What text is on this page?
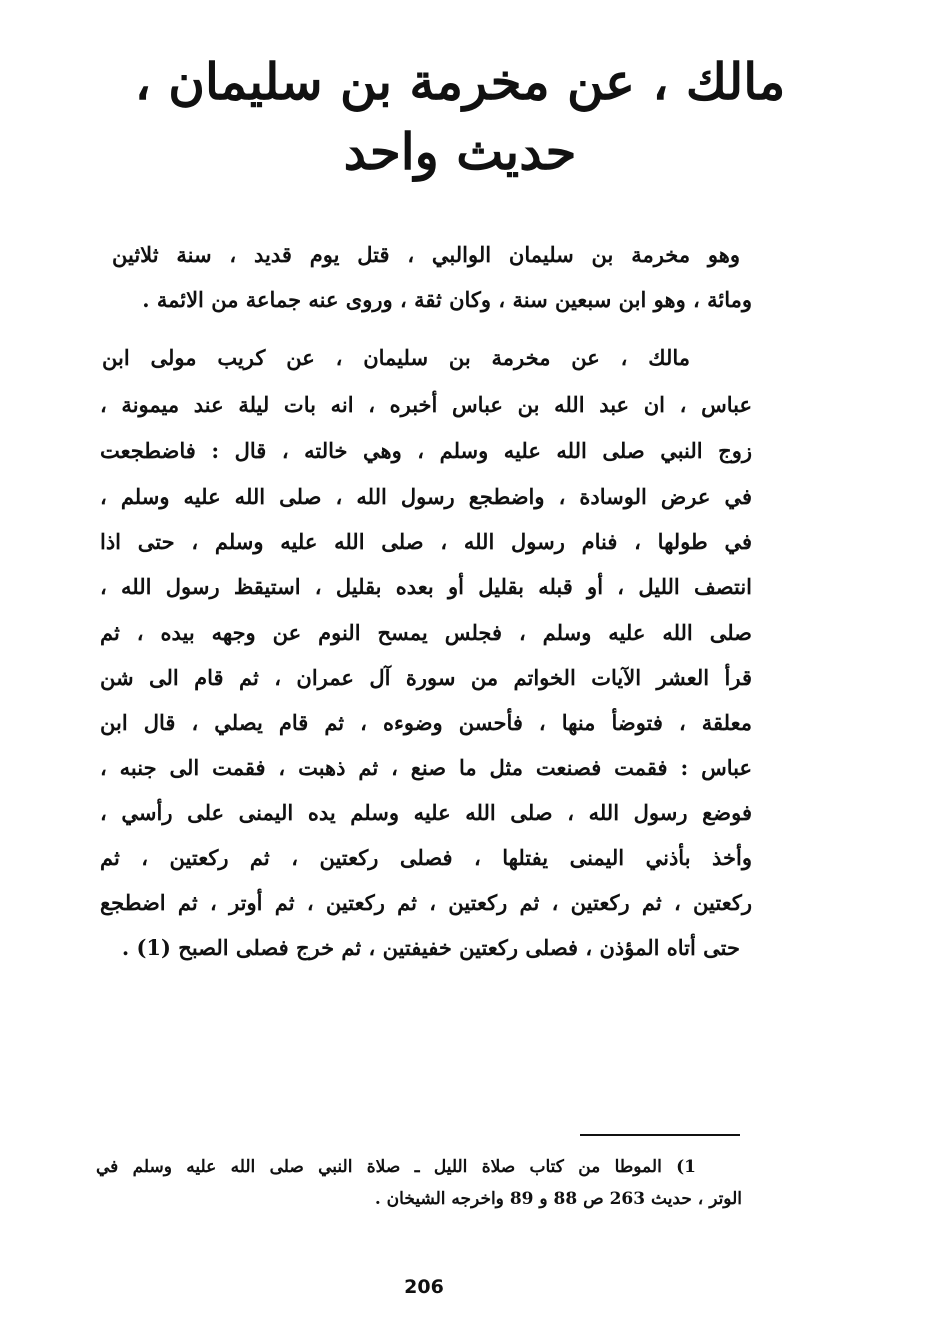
مالك ، عن مخرمة بن سليمان ،
حديث واحد
وهو مخرمة بن سليمان الوالبي ، قتل يوم قديد ، سنة ثلاثين
ومائة ، وهو ابن سبعين سنة ، وكان ثقة ، وروى عنه جماعة من الائمة .
مالك ، عن مخرمة بن سليمان ، عن كريب مولى ابن
عباس ، ان عبد الله بن عباس أخبره ، انه بات ليلة عند ميمونة ،
زوج النبي صلى الله عليه وسلم ، وهي خالته ، قال : فاضطجعت
في عرض الوسادة ، واضطجع رسول الله ، صلى الله عليه وسلم ،
في طولها ، فنام رسول الله ، صلى الله عليه وسلم ، حتى اذا
انتصف الليل ، أو قبله بقليل أو بعده بقليل ، استيقظ رسول الله ،
صلى الله عليه وسلم ، فجلس يمسح النوم عن وجهه بيده ، ثم
قرأ العشر الآيات الخواتم من سورة آل عمران ، ثم قام الى شن
معلقة ، فتوضأ منها ، فأحسن وضوءه ، ثم قام يصلي ، قال ابن
عباس : فقمت فصنعت مثل ما صنع ، ثم ذهبت ، فقمت الى جنبه ،
فوضع رسول الله ، صلى الله عليه وسلم يده اليمنى على رأسي ،
وأخذ بأذني اليمنى يفتلها ، فصلى ركعتين ، ثم ركعتين ، ثم
ركعتين ، ثم ركعتين ، ثم ركعتين ، ثم ركعتين ، ثم أوتر ، ثم اضطجع
حتى أتاه المؤذن ، فصلى ركعتين خفيفتين ، ثم خرج فصلى الصبح (1) .
1) الموطا من كتاب صلاة الليل ـ صلاة النبي صلى الله عليه وسلم في
الوتر ، حديث 263 ص 88 و 89 واخرجه الشيخان .
206
